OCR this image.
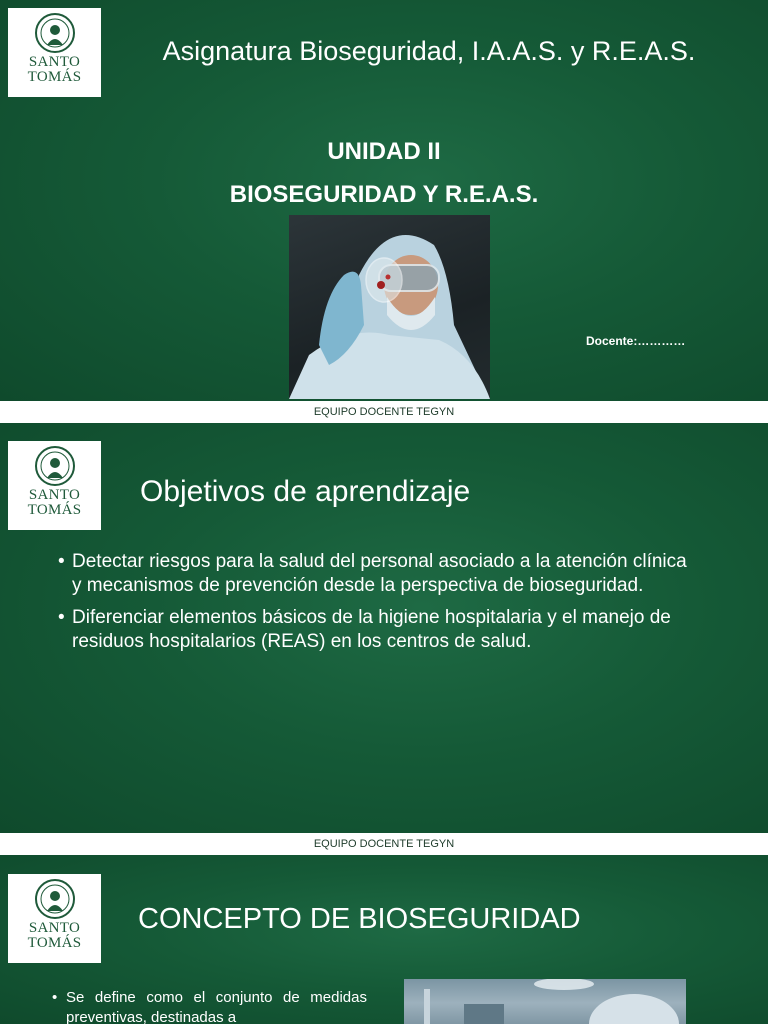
SANTO
TOMÁS
Asignatura Bioseguridad, I.A.A.S. y R.E.A.S.
UNIDAD II
BIOSEGURIDAD Y R.E.A.S.
Docente:…………
EQUIPO DOCENTE TEGYN
SANTO
TOMÁS
Objetivos de aprendizaje
• Detectar riesgos para la salud del personal asociado a la atención clínica y mecanismos de prevención desde la perspectiva de bioseguridad.
• Diferenciar elementos básicos de la higiene hospitalaria y el manejo de residuos hospitalarios (REAS) en los centros de salud.
EQUIPO DOCENTE TEGYN
SANTO
TOMÁS
CONCEPTO DE BIOSEGURIDAD
• Se define como el conjunto de medidas preventivas, destinadas a
